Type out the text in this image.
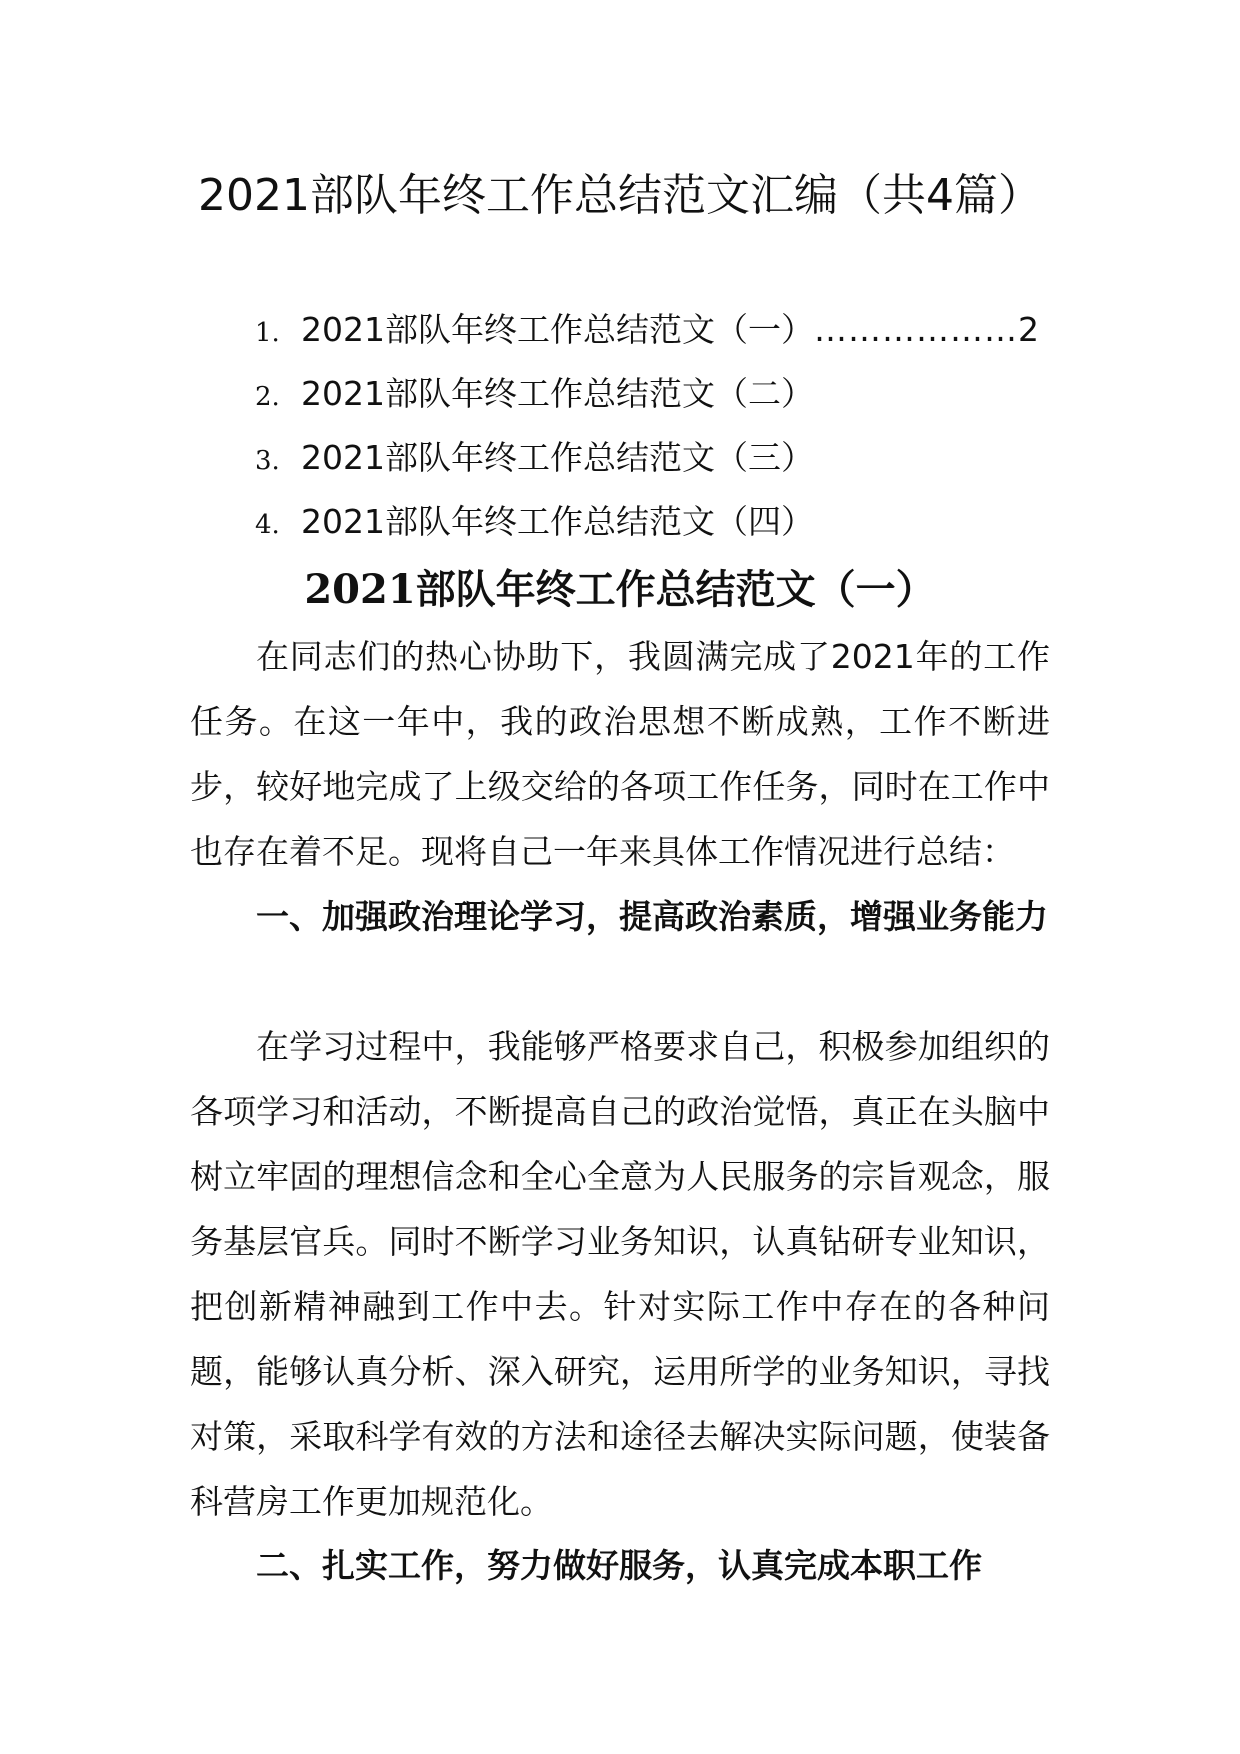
2021部队年终工作总结范文汇编（共4篇）
1. 2021部队年终工作总结范文（一）………………2
2. 2021部队年终工作总结范文（二）
3. 2021部队年终工作总结范文（三）
4. 2021部队年终工作总结范文（四）
2021部队年终工作总结范文（一）

在同志们的热心协助下，我圆满完成了2021年的工作任务。在这一年中，我的政治思想不断成熟，工作不断进步，较好地完成了上级交给的各项工作任务，同时在工作中也存在着不足。现将自己一年来具体工作情况进行总结：

一、加强政治理论学习，提高政治素质，增强业务能力

在学习过程中，我能够严格要求自己，积极参加组织的各项学习和活动，不断提高自己的政治觉悟，真正在头脑中树立牢固的理想信念和全心全意为人民服务的宗旨观念，服务基层官兵。同时不断学习业务知识，认真钻研专业知识，把创新精神融到工作中去。针对实际工作中存在的各种问题，能够认真分析、深入研究，运用所学的业务知识，寻找对策，采取科学有效的方法和途径去解决实际问题，使装备科营房工作更加规范化。

二、扎实工作，努力做好服务，认真完成本职工作
